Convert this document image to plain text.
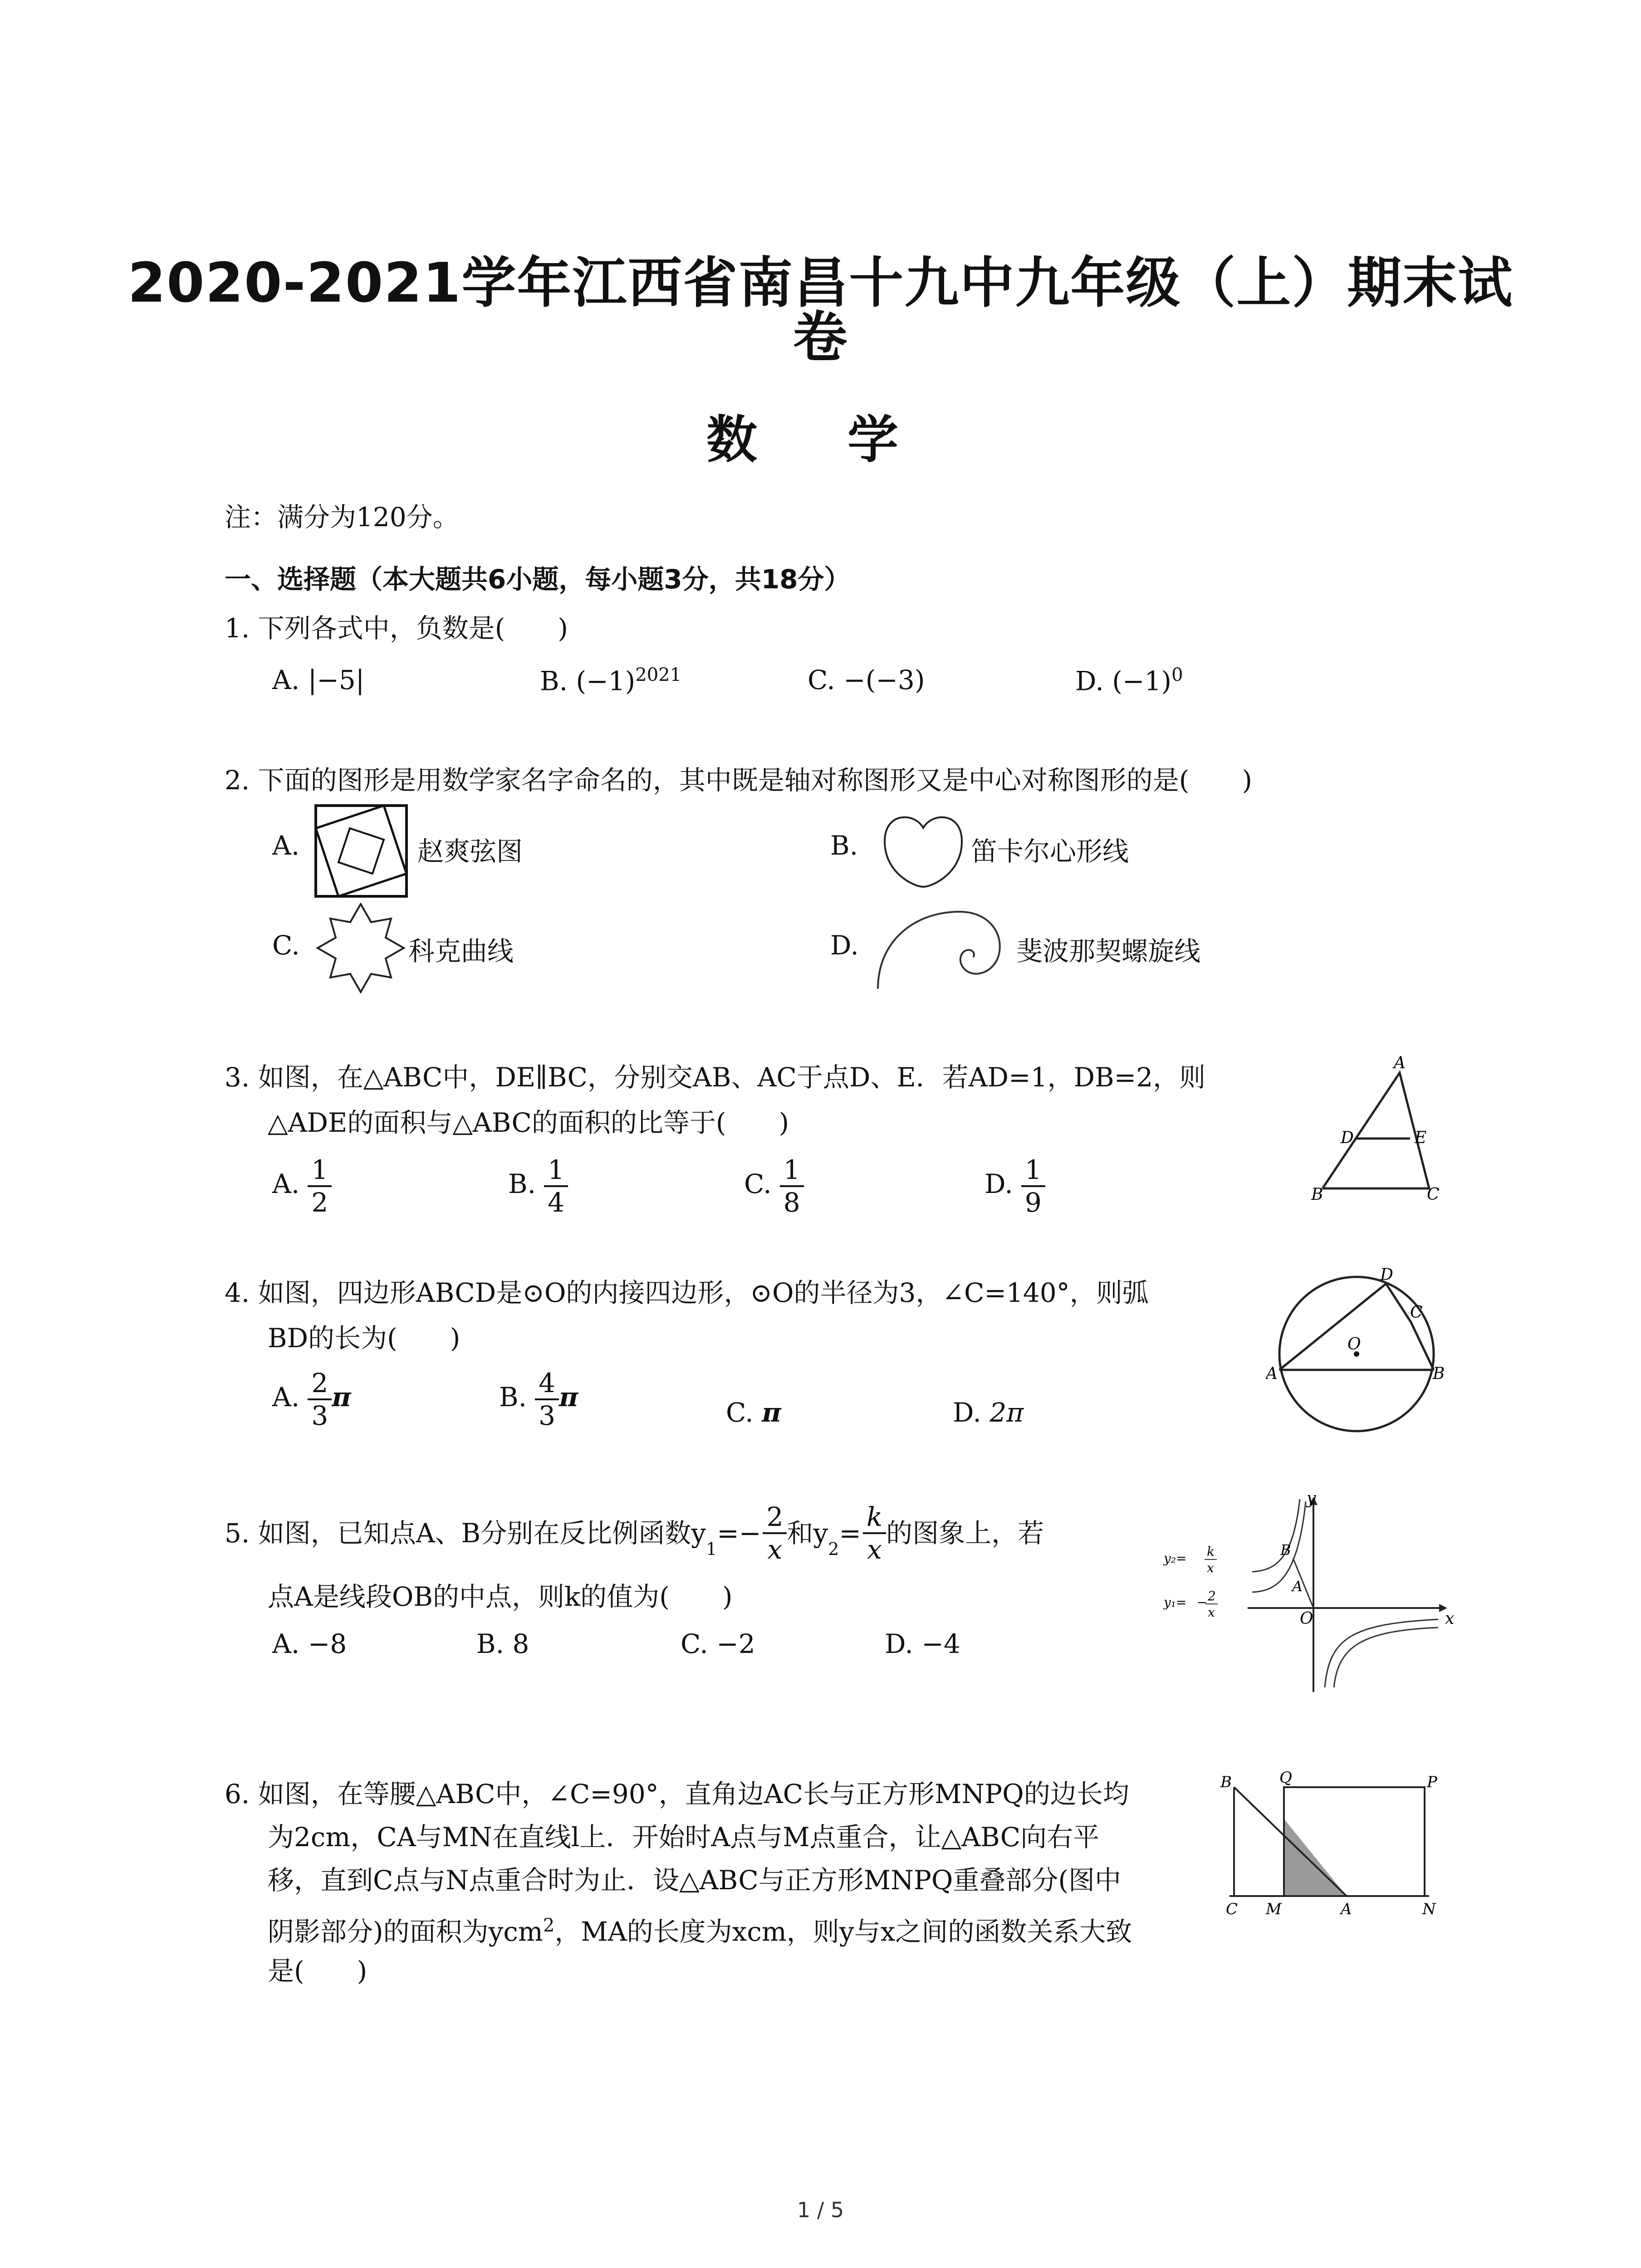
2020-2021学年江西省南昌十九中九年级（上）期末试
卷
数 学
注：满分为120分。
一、选择题（本大题共6小题，每小题3分，共18分）
1. 下列各式中，负数是(　　)
A. |−5|	B. $(-1)^{2021}$	C. −(−3)	D. $(-1)^0$
2. 下面的图形是用数学家名字命名的，其中既是轴对称图形又是中心对称图形的是(　　)
A.	赵爽弦图	B.	笛卡尔心形线
C.	科克曲线	D.	斐波那契螺旋线
3. 如图，在△ABC中，DE∥BC，分别交AB、AC于点D、E．若AD=1，DB=2，则
△ADE的面积与△ABC的面积的比等于(　　)
A. $\frac{1}{2}$	B. $\frac{1}{4}$	C. $\frac{1}{8}$	D. $\frac{1}{9}$
A
D	E
B	C
4. 如图，四边形ABCD是⊙O的内接四边形，⊙O的半径为3，∠C=140°，则弧
BD的长为(　　)
A. $\frac{2}{3}$ π	B. $\frac{4}{3}$ π	C. π	D. 2π
D
C
O
A	B
5. 如图，已知点A、B分别在反比例函数y
$_1$
=− $\frac{2}{x}$ 和y
$_2$
= $\frac{k}{x}$ 的图象上，若
点A是线段OB的中点，则k的值为(　　)
A. −8	B. 8	C. −2	D. −4
y
B
A
O	x
y₂= k
x
y₁= − 2
x
6. 如图，在等腰△ABC中，∠C=90°，直角边AC长与正方形MNPQ的边长均
为2cm，CA与MN在直线l上．开始时A点与M点重合，让△ABC向右平
移，直到C点与N点重合时为止．设△ABC与正方形MNPQ重叠部分(图中
阴影部分)的面积为ycm$^2$，MA的长度为xcm，则y与x之间的函数关系大致
是(　　)
B	Q	P
C M	A	N
1 / 5
